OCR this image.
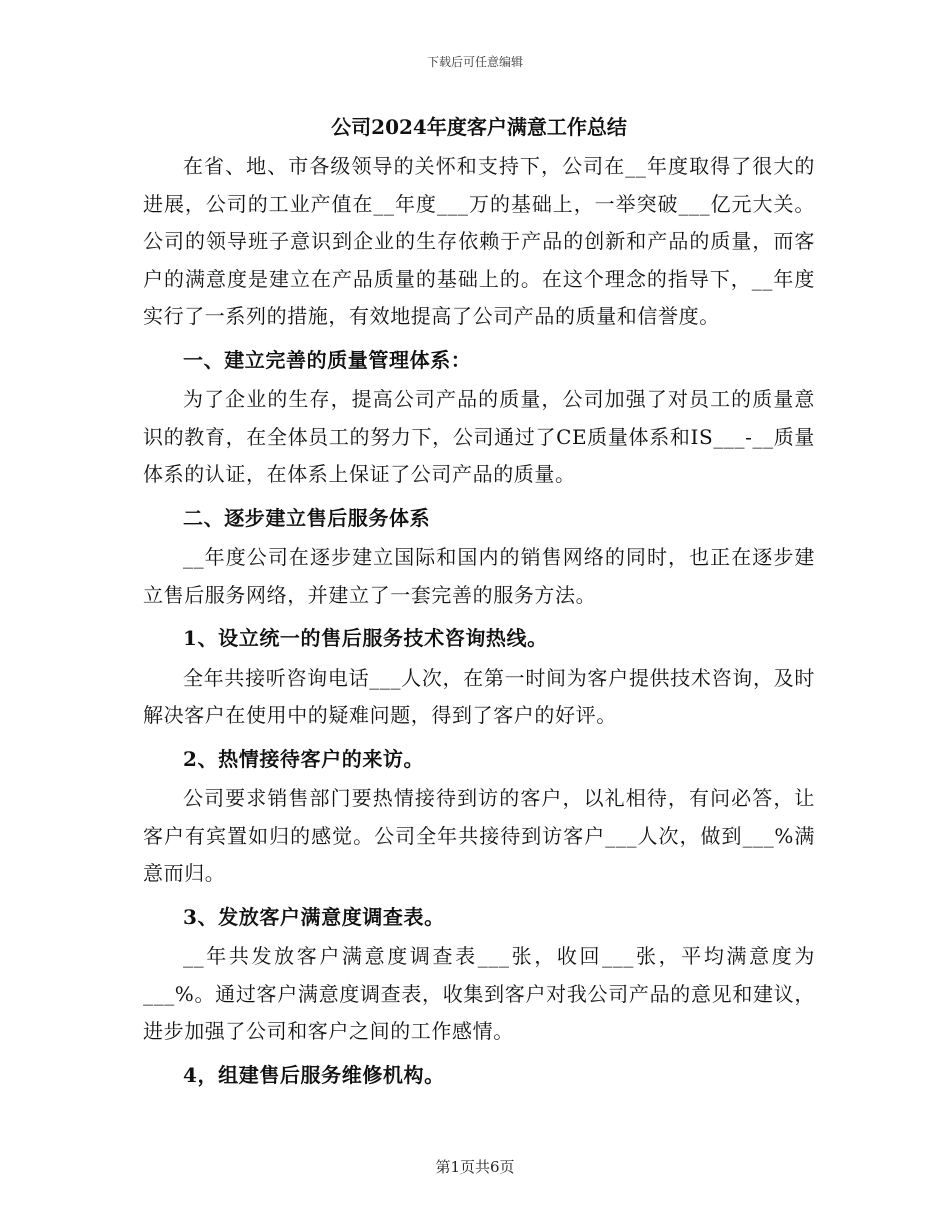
下载后可任意编辑
公司2024年度客户满意工作总结

在省、地、市各级领导的关怀和支持下，公司在__年度取得了很大的进展，公司的工业产值在__年度___万的基础上，一举突破___亿元大关。公司的领导班子意识到企业的生存依赖于产品的创新和产品的质量，而客户的满意度是建立在产品质量的基础上的。在这个理念的指导下，__年度实行了一系列的措施，有效地提高了公司产品的质量和信誉度。

一、建立完善的质量管理体系：

为了企业的生存，提高公司产品的质量，公司加强了对员工的质量意识的教育，在全体员工的努力下，公司通过了CE质量体系和IS___-__质量体系的认证，在体系上保证了公司产品的质量。

二、逐步建立售后服务体系

__年度公司在逐步建立国际和国内的销售网络的同时，也正在逐步建立售后服务网络，并建立了一套完善的服务方法。

1、设立统一的售后服务技术咨询热线。

全年共接听咨询电话___人次，在第一时间为客户提供技术咨询，及时解决客户在使用中的疑难问题，得到了客户的好评。

2、热情接待客户的来访。

公司要求销售部门要热情接待到访的客户，以礼相待，有问必答，让客户有宾置如归的感觉。公司全年共接待到访客户___人次，做到___%满意而归。

3、发放客户满意度调查表。

__年共发放客户满意度调查表___张，收回___张，平均满意度为___%。通过客户满意度调查表，收集到客户对我公司产品的意见和建议，进步加强了公司和客户之间的工作感情。

4，组建售后服务维修机构。

第1页共6页
